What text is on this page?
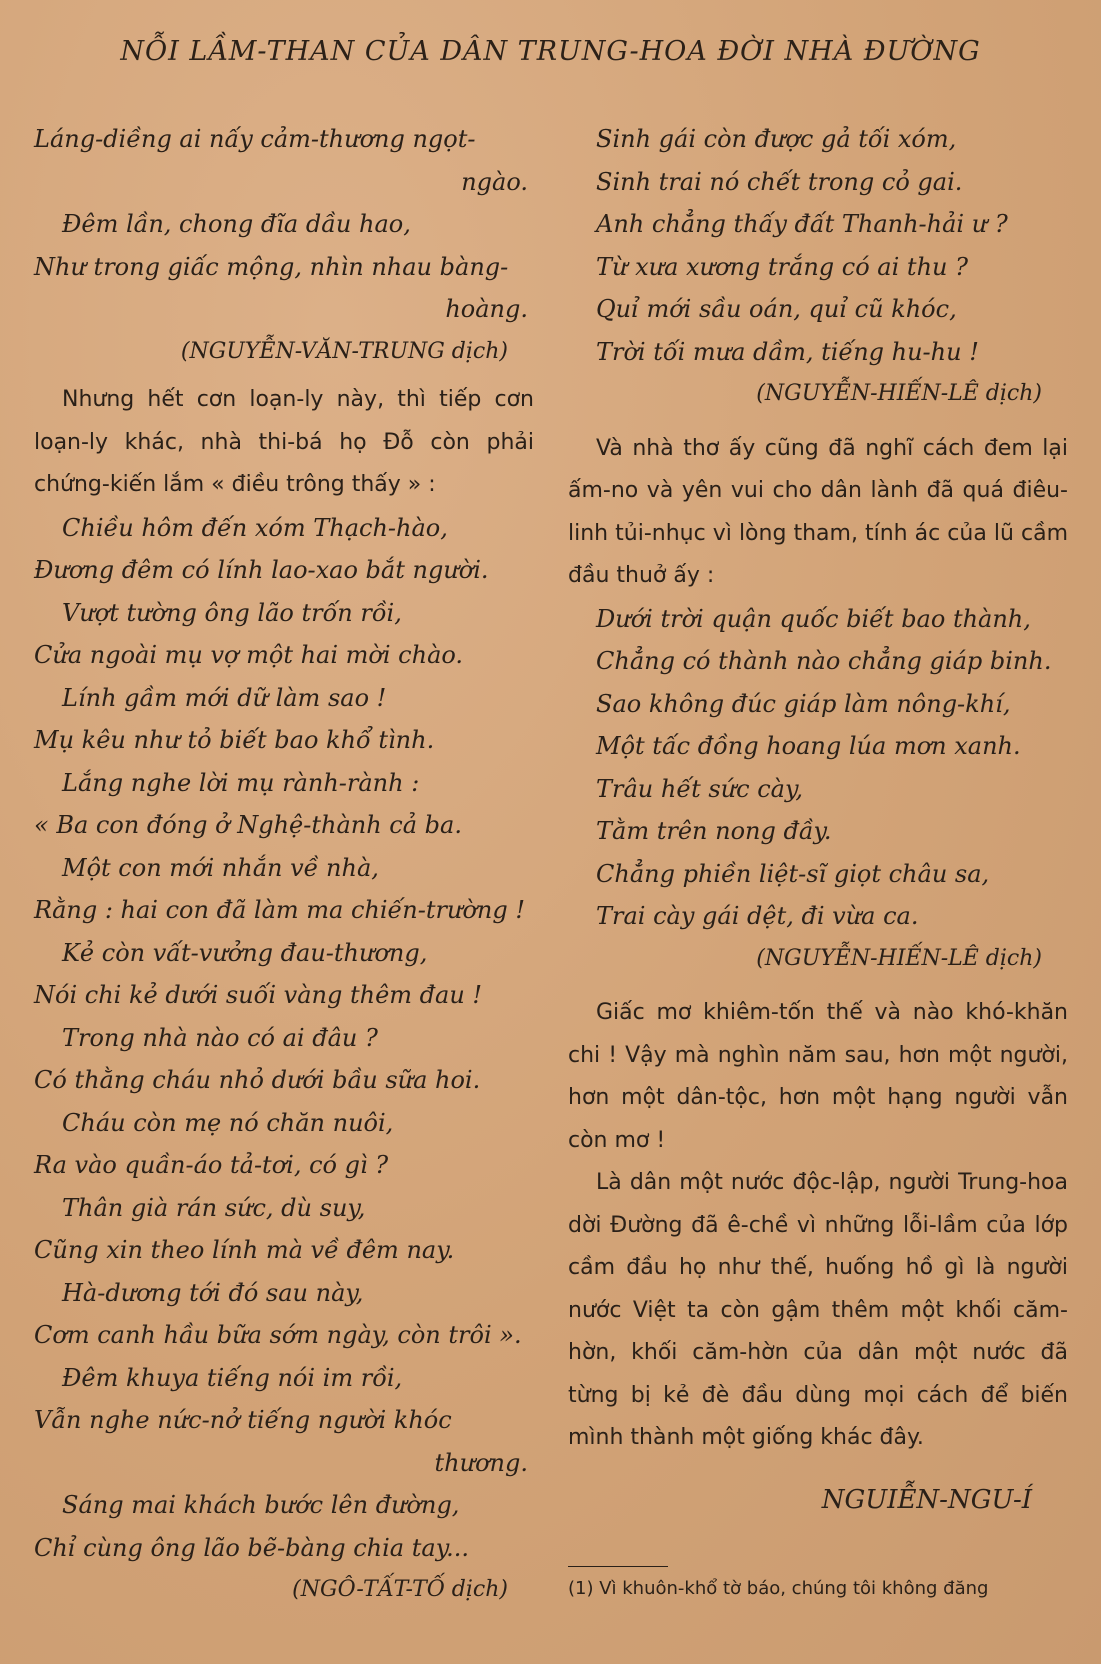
NỖI LẦM-THAN CỦA DÂN TRUNG-HOA ĐỜI NHÀ ĐƯỜNG
Láng-diềng ai nấy cảm-thương ngọt-
ngào.
Đêm lần, chong đĩa dầu hao,
Như trong giấc mộng, nhìn nhau bàng-
hoàng.
(NGUYỄN-VĂN-TRUNG dịch)

Nhưng hết cơn loạn-ly này, thì tiếp cơn loạn-ly khác, nhà thi-bá họ Đỗ còn phải chứng-kiến lắm « điều trông thấy » :

Chiều hôm đến xóm Thạch-hào,
Đương đêm có lính lao-xao bắt người.
Vượt tường ông lão trốn rồi,
Cửa ngoài mụ vợ một hai mời chào.
Lính gầm mới dữ làm sao !
Mụ kêu như tỏ biết bao khổ tình.
Lắng nghe lời mụ rành-rành :
« Ba con đóng ở Nghệ-thành cả ba.
Một con mới nhắn về nhà,
Rằng : hai con đã làm ma chiến-trường !
Kẻ còn vất-vưởng đau-thương,
Nói chi kẻ dưới suối vàng thêm đau !
Trong nhà nào có ai đâu ?
Có thằng cháu nhỏ dưới bầu sữa hoi.
Cháu còn mẹ nó chăn nuôi,
Ra vào quần-áo tả-tơi, có gì ?
Thân già rán sức, dù suy,
Cũng xin theo lính mà về đêm nay.
Hà-dương tới đó sau này,
Cơm canh hầu bữa sớm ngày, còn trôi ».
Đêm khuya tiếng nói im rồi,
Vẫn nghe nức-nở tiếng người khóc
thương.
Sáng mai khách bước lên đường,
Chỉ cùng ông lão bẽ-bàng chia tay...
(NGÔ-TẤT-TỐ dịch)
Sinh gái còn được gả tối xóm,
Sinh trai nó chết trong cỏ gai.
Anh chẳng thấy đất Thanh-hải ư ?
Từ xưa xương trắng có ai thu ?
Quỉ mới sầu oán, quỉ cũ khóc,
Trời tối mưa dầm, tiếng hu-hu !
(NGUYỄN-HIẾN-LÊ dịch)

Và nhà thơ ấy cũng đã nghĩ cách đem lại ấm-no và yên vui cho dân lành đã quá điêu-linh tủi-nhục vì lòng tham, tính ác của lũ cầm đầu thuở ấy :

Dưới trời quận quốc biết bao thành,
Chẳng có thành nào chẳng giáp binh.
Sao không đúc giáp làm nông-khí,
Một tấc đồng hoang lúa mơn xanh.
Trâu hết sức cày,
Tằm trên nong đầy.
Chẳng phiền liệt-sĩ giọt châu sa,
Trai cày gái dệt, đi vừa ca.
(NGUYỄN-HIẾN-LÊ dịch)

Giấc mơ khiêm-tốn thế và nào khó-khăn chi ! Vậy mà nghìn năm sau, hơn một người, hơn một dân-tộc, hơn một hạng người vẫn còn mơ !

Là dân một nước độc-lập, người Trung-hoa dời Đường đã ê-chề vì những lỗi-lầm của lớp cầm đầu họ như thế, huống hồ gì là người nước Việt ta còn gậm thêm một khối căm-hờn, khối căm-hờn của dân một nước đã từng bị kẻ đè đầu dùng mọi cách để biến mình thành một giống khác đây.

NGUIỄN-NGU-Í
(1) Vì khuôn-khổ tờ báo, chúng tôi không đăng
